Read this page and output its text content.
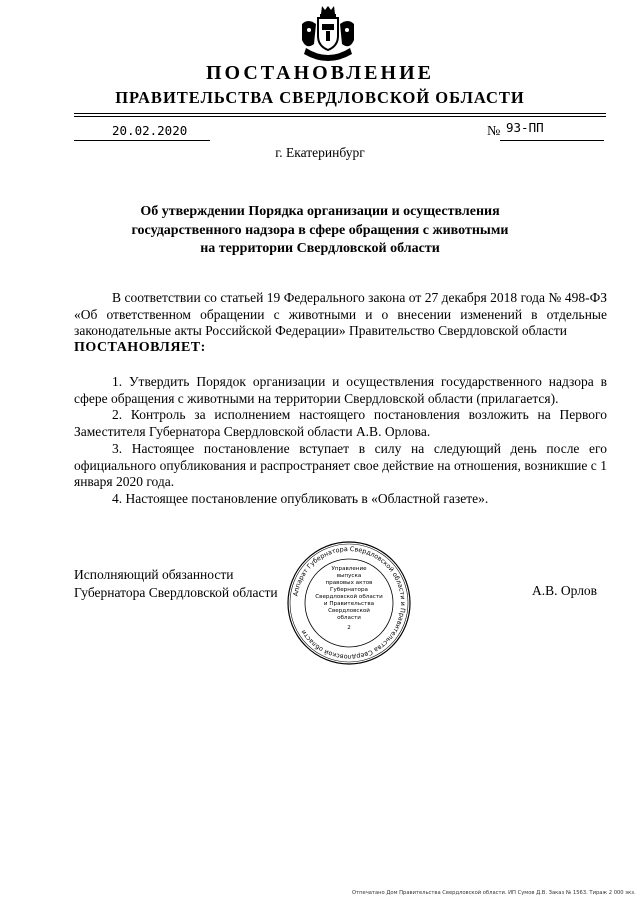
ПОСТАНОВЛЕНИЕ
ПРАВИТЕЛЬСТВА СВЕРДЛОВСКОЙ ОБЛАСТИ
20.02.2020	№ 93-ПП
г. Екатеринбург
Об утверждении Порядка организации и осуществления
государственного надзора в сфере обращения с животными
на территории Свердловской области
В соответствии со статьей 19 Федерального закона от 27 декабря 2018 года № 498-ФЗ «Об ответственном обращении с животными и о внесении изменений в отдельные законодательные акты Российской Федерации» Правительство Свердловской области
ПОСТАНОВЛЯЕТ:
1. Утвердить Порядок организации и осуществления государственного надзора в сфере обращения с животными на территории Свердловской области (прилагается).
2. Контроль за исполнением настоящего постановления возложить на Первого Заместителя Губернатора Свердловской области А.В. Орлова.
3. Настоящее постановление вступает в силу на следующий день после его официального опубликования и распространяет свое действие на отношения, возникшие с 1 января 2020 года.
4. Настоящее постановление опубликовать в «Областной газете».
Исполняющий обязанности
Губернатора Свердловской области	А.В. Орлов
Аппарат Губернатора Свердловской области и Правительства Свердловской области
Управление
выпуска
правовых актов
Губернатора
Свердловской области
и Правительства
Свердловской
области
2
Отпечатано Дом Правительства Свердловской области. ИП Сумов Д.В. Заказ № 1563. Тираж 2 000 экз.
